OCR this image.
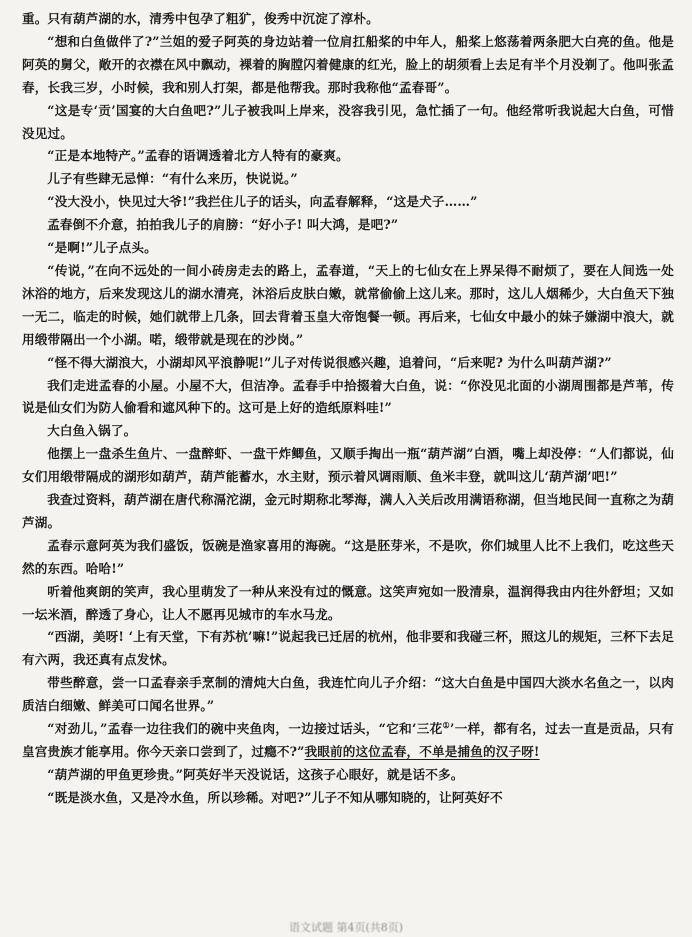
重。只有葫芦湖的水，清秀中包孕了粗犷，俊秀中沉淀了淳朴。

“想和白鱼做伴了?”兰姐的爱子阿英的身边站着一位肩扛船桨的中年人，船桨上悠荡着两条肥大白亮的鱼。他是阿英的舅父，敞开的衣襟在风中飘动，裸着的胸膛闪着健康的红光，脸上的胡须看上去足有半个月没剃了。他叫张孟春，长我三岁，小时候，我和别人打架，都是他帮我。那时我称他“孟春哥”。

“这是专‘贡’国宴的大白鱼吧?”儿子被我叫上岸来，没容我引见，急忙插了一句。他经常听我说起大白鱼，可惜没见过。

“正是本地特产。”孟春的语调透着北方人特有的豪爽。

儿子有些肆无忌惮：“有什么来历，快说说。”

“没大没小，快见过大爷!”我拦住儿子的话头，向孟春解释，“这是犬子……”

孟春倒不介意，拍拍我儿子的肩膀：“好小子! 叫大鸿，是吧?”

“是啊!”儿子点头。

“传说，”在向不远处的一间小砖房走去的路上，孟春道，“天上的七仙女在上界呆得不耐烦了，要在人间选一处沐浴的地方，后来发现这儿的湖水清亮，沐浴后皮肤白嫩，就常偷偷上这儿来。那时，这儿人烟稀少，大白鱼天下独一无二，临走的时候，她们就带上几条，回去背着玉皇大帝饱餐一顿。再后来，七仙女中最小的妹子嫌湖中浪大，就用缎带隔出一个小湖。喏，缎带就是现在的沙岗。”

“怪不得大湖浪大，小湖却风平浪静呢!”儿子对传说很感兴趣，追着问，“后来呢? 为什么叫葫芦湖?”

我们走进孟春的小屋。小屋不大，但洁净。孟春手中拾掇着大白鱼，说：“你没见北面的小湖周围都是芦苇，传说是仙女们为防人偷看和遮风种下的。这可是上好的造纸原料哇!”

大白鱼入锅了。

他摆上一盘杀生鱼片、一盘醉虾、一盘干炸鲫鱼，又顺手掏出一瓶“葫芦湖”白酒，嘴上却没停：“人们都说，仙女们用缎带隔成的湖形如葫芦，葫芦能蓄水，水主财，预示着风调雨顺、鱼米丰登，就叫这儿‘葫芦湖’吧!”

我查过资料，葫芦湖在唐代称滆沱湖，金元时期称北琴海，满人入关后改用满语称湖，但当地民间一直称之为葫芦湖。

孟春示意阿英为我们盛饭，饭碗是渔家喜用的海碗。“这是胚芽米，不是吹，你们城里人比不上我们，吃这些天然的东西。哈哈!”

听着他爽朗的笑声，我心里萌发了一种从来没有过的慨意。这笑声宛如一股清泉，温润得我由内往外舒坦；又如一坛米酒，醉透了身心，让人不愿再见城市的车水马龙。

“西湖，美呀! ‘上有天堂，下有苏杭’嘛!”说起我已迁居的杭州，他非要和我碰三杯，照这儿的规矩，三杯下去足有六两，我还真有点发怵。

带些醉意，尝一口孟春亲手烹制的清炖大白鱼，我连忙向儿子介绍：“这大白鱼是中国四大淡水名鱼之一，以肉质洁白细嫩、鲜美可口闻名世界。”

“对劲儿，”孟春一边往我们的碗中夹鱼肉，一边接过话头，“它和‘三花①’一样，都有名，过去一直是贡品，只有皇宫贵族才能享用。你今天亲口尝到了，过瘾不?”我眼前的这位孟春，不单是捕鱼的汉子呀!

“葫芦湖的甲鱼更珍贵。”阿英好半天没说话，这孩子心眼好，就是话不多。

“既是淡水鱼，又是冷水鱼，所以珍稀。对吧?”儿子不知从哪知晓的，让阿英好不

语文试题 第4页(共8页)
